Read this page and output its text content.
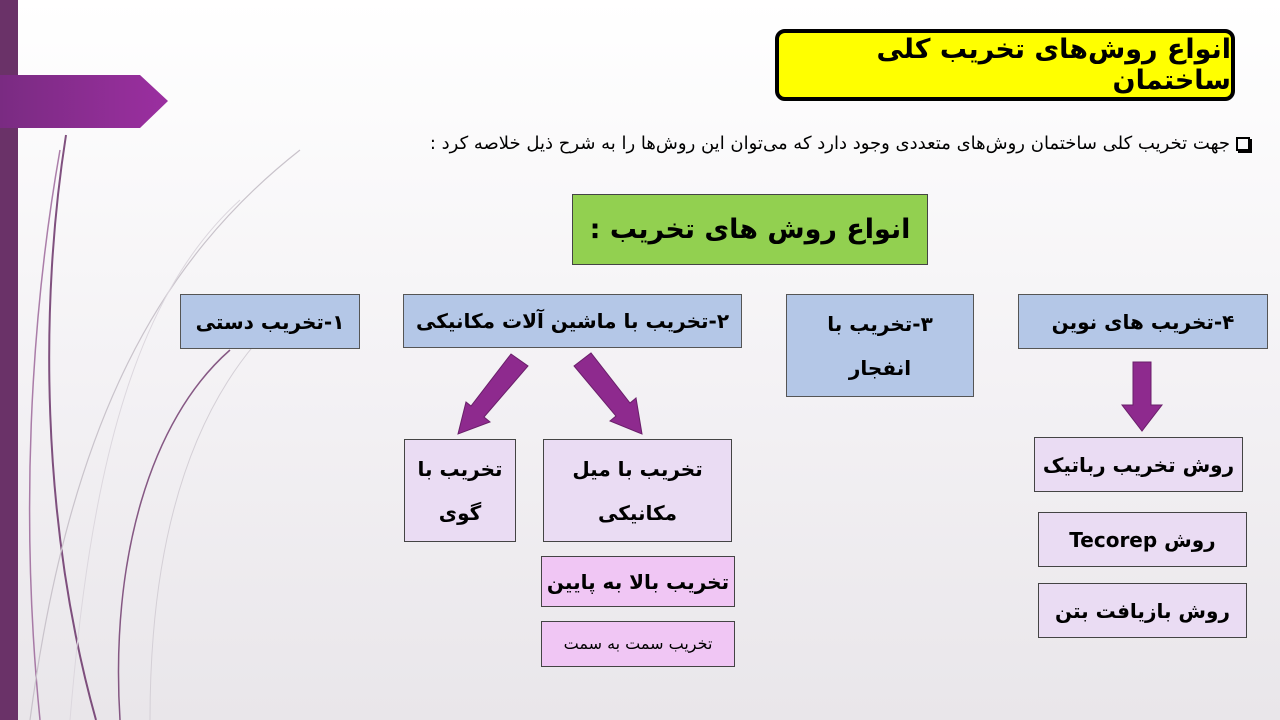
انواع روش‌های تخریب کلی ساختمان
جهت تخریب کلی ساختمان روش‌های متعددی وجود دارد که می‌توان این روش‌ها را به شرح ذیل خلاصه کرد :
انواع روش های تخریب :
۱-تخریب دستی	۲-تخریب با ماشین آلات مکانیکی	۳-تخریب با
انفجار
۴-تخریب های نوین
تخریب با
گوی
تخریب با میل
مکانیکی
تخریب بالا به پایین
تخریب سمت به سمت
روش تخریب رباتیک
روش Tecorep
روش بازیافت بتن
